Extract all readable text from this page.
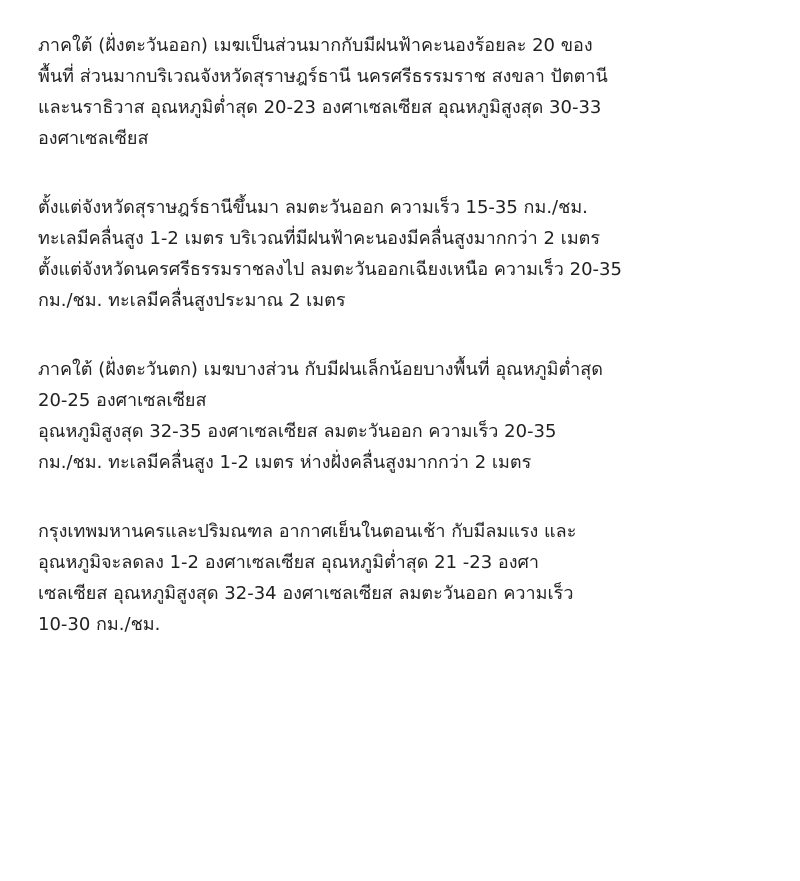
ภาคใต้ (ฝั่งตะวันออก) เมฆเป็นส่วนมากกับมีฝนฟ้าคะนองร้อยละ 20 ของ
พื้นที่ ส่วนมากบริเวณจังหวัดสุราษฎร์ธานี นครศรีธรรมราช สงขลา ปัตตานี
และนราธิวาส อุณหภูมิต่ำสุด 20-23 องศาเซลเซียส อุณหภูมิสูงสุด 30-33
องศาเซลเซียส

ตั้งแต่จังหวัดสุราษฎร์ธานีขึ้นมา ลมตะวันออก ความเร็ว 15-35 กม./ชม.
ทะเลมีคลื่นสูง 1-2 เมตร บริเวณที่มีฝนฟ้าคะนองมีคลื่นสูงมากกว่า 2 เมตร
ตั้งแต่จังหวัดนครศรีธรรมราชลงไป ลมตะวันออกเฉียงเหนือ ความเร็ว 20-35
กม./ชม. ทะเลมีคลื่นสูงประมาณ 2 เมตร

ภาคใต้ (ฝั่งตะวันตก) เมฆบางส่วน กับมีฝนเล็กน้อยบางพื้นที่ อุณหภูมิต่ำสุด
20-25 องศาเซลเซียส
อุณหภูมิสูงสุด 32-35 องศาเซลเซียส ลมตะวันออก ความเร็ว 20-35
กม./ชม. ทะเลมีคลื่นสูง 1-2 เมตร ห่างฝั่งคลื่นสูงมากกว่า 2 เมตร

กรุงเทพมหานครและปริมณฑล อากาศเย็นในตอนเช้า กับมีลมแรง และ
อุณหภูมิจะลดลง 1-2 องศาเซลเซียส อุณหภูมิต่ำสุด 21 -23 องศา
เซลเซียส อุณหภูมิสูงสุด 32-34 องศาเซลเซียส ลมตะวันออก ความเร็ว
10-30 กม./ชม.
